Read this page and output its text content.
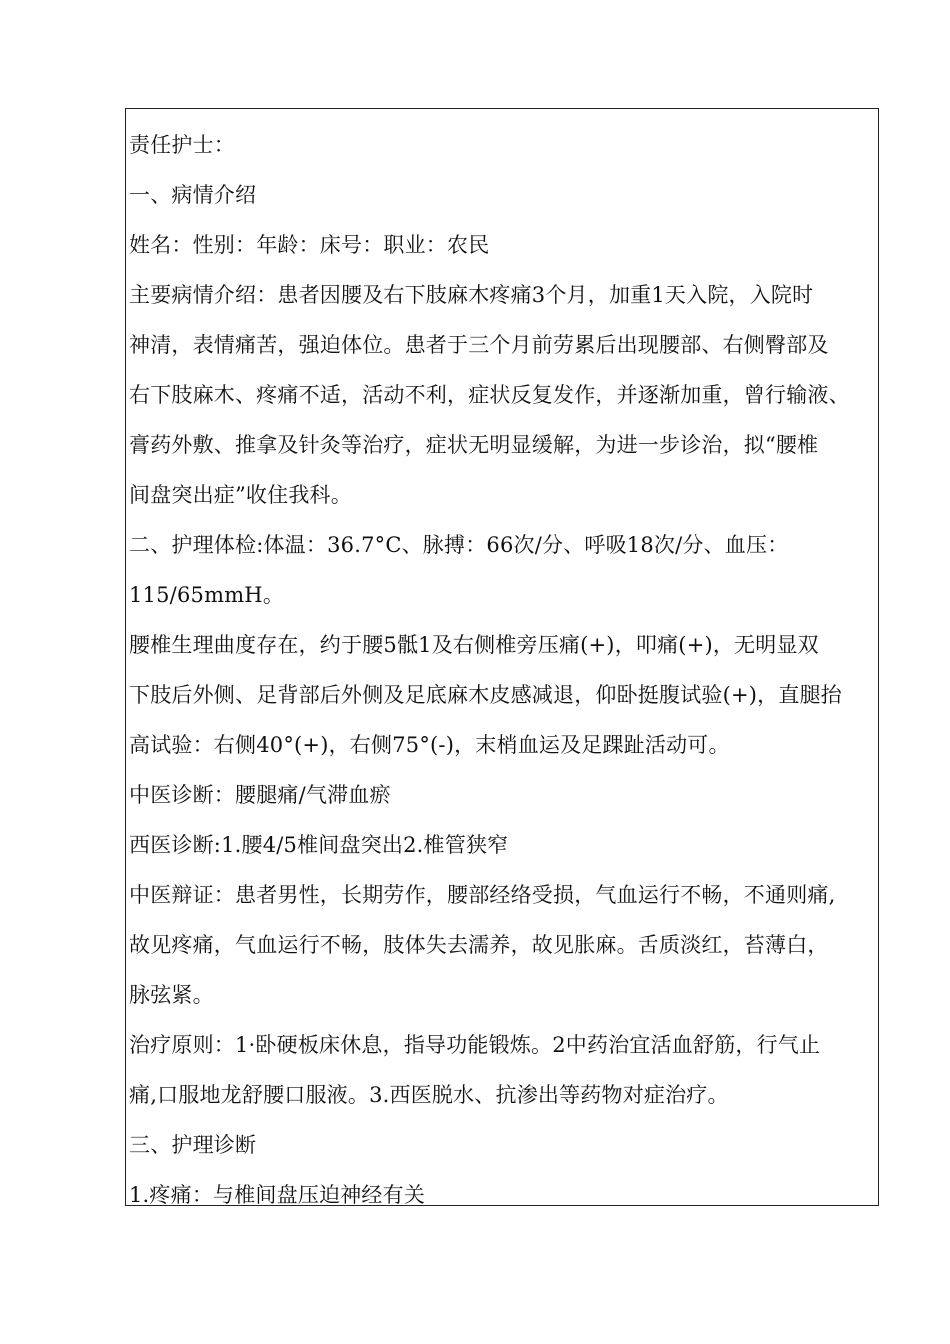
责任护士：
一、病情介绍
姓名：性别：年龄：床号：职业：农民
主要病情介绍：患者因腰及右下肢麻木疼痛3个月，加重1天入院，入院时
神清，表情痛苦，强迫体位。患者于三个月前劳累后出现腰部、右侧臀部及
右下肢麻木、疼痛不适，活动不利，症状反复发作，并逐渐加重，曾行输液、
膏药外敷、推拿及针灸等治疗，症状无明显缓解，为进一步诊治，拟“腰椎
间盘突出症”收住我科。
二、护理体检:体温：36.7°C、脉搏：66次/分、呼吸18次/分、血压：
115/65mmH。
腰椎生理曲度存在，约于腰5骶1及右侧椎旁压痛(+)，叩痛(+)，无明显双
下肢后外侧、足背部后外侧及足底麻木皮感减退，仰卧挺腹试验(+)，直腿抬
高试验：右侧40°(+)，右侧75°(-)，末梢血运及足踝趾活动可。
中医诊断：腰腿痛/气滞血瘀
西医诊断:1.腰4/5椎间盘突出2.椎管狭窄
中医辩证：患者男性，长期劳作，腰部经络受损，气血运行不畅，不通则痛,
故见疼痛，气血运行不畅，肢体失去濡养，故见胀麻。舌质淡红，苔薄白，
脉弦紧。
治疗原则：1·卧硬板床休息，指导功能锻炼。2中药治宜活血舒筋，行气止
痛,口服地龙舒腰口服液。3.西医脱水、抗渗出等药物对症治疗。
三、护理诊断
1.疼痛：与椎间盘压迫神经有关
